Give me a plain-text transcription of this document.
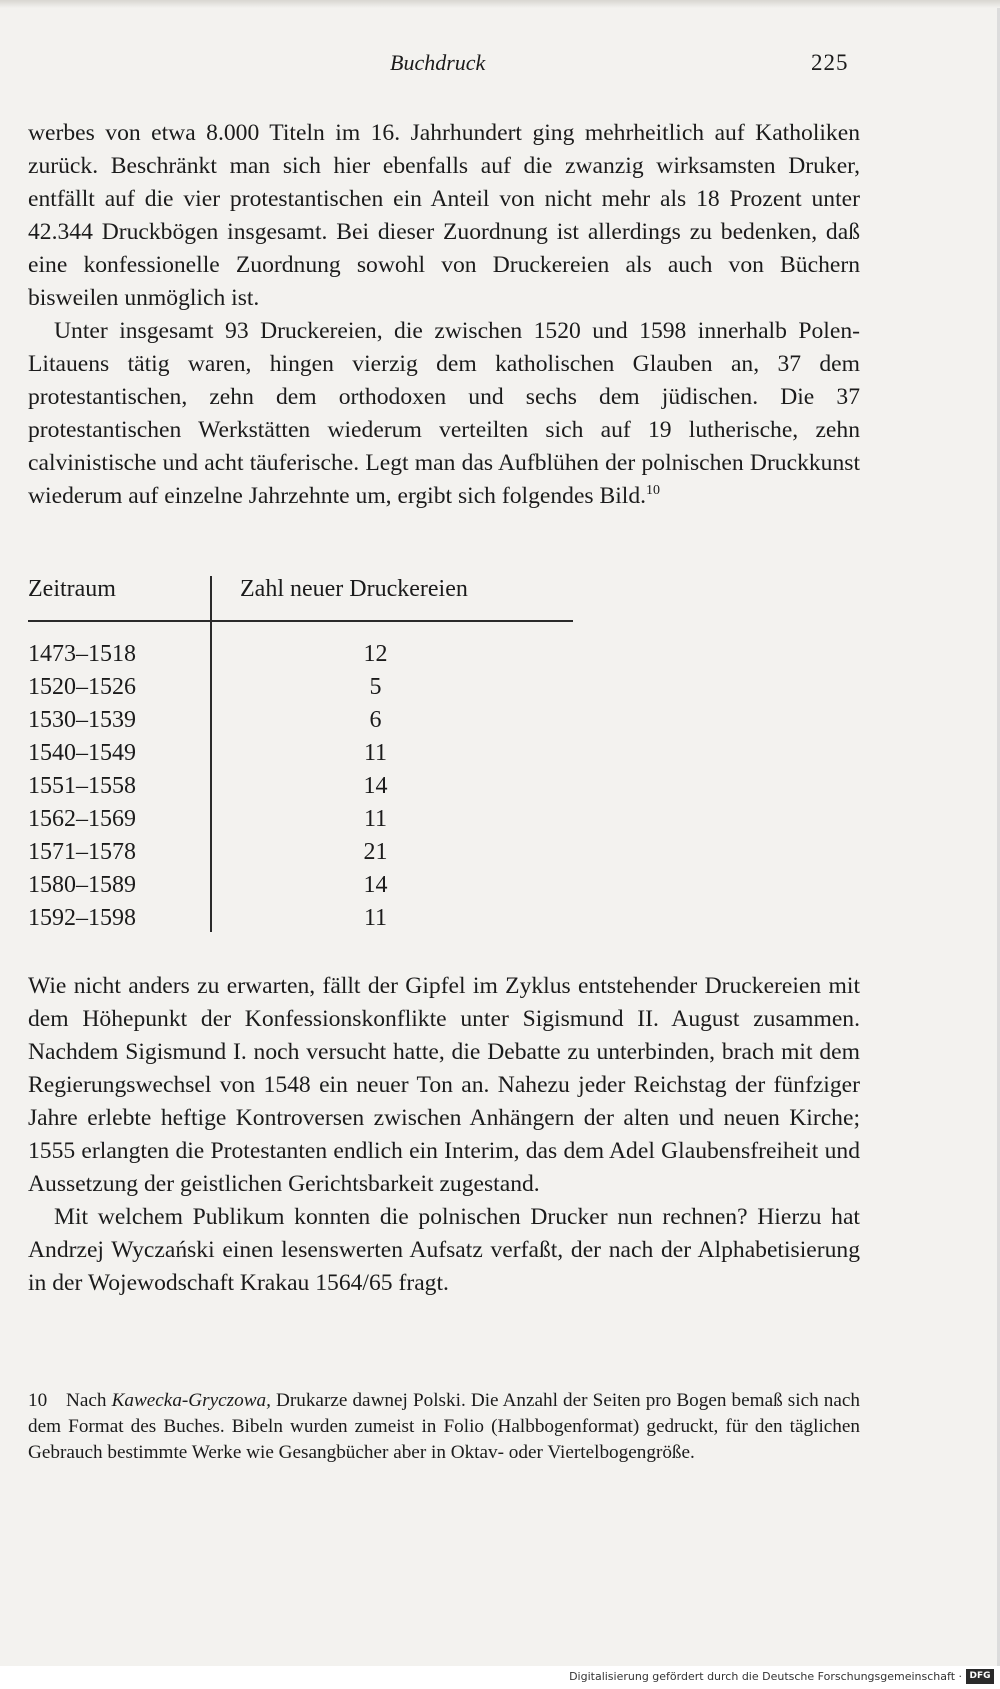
Buchdruck	225

werbes von etwa 8.000 Titeln im 16. Jahrhundert ging mehrheitlich auf Katholiken zurück. Beschränkt man sich hier ebenfalls auf die zwanzig wirksamsten Druker, entfällt auf die vier protestantischen ein Anteil von nicht mehr als 18 Prozent unter 42.344 Druckbögen insgesamt. Bei dieser Zuordnung ist allerdings zu bedenken, daß eine konfessionelle Zuordnung sowohl von Druckereien als auch von Büchern bisweilen unmöglich ist.

Unter insgesamt 93 Druckereien, die zwischen 1520 und 1598 innerhalb Polen-Litauens tätig waren, hingen vierzig dem katholischen Glauben an, 37 dem protestantischen, zehn dem orthodoxen und sechs dem jüdischen. Die 37 protestantischen Werkstätten wiederum verteilten sich auf 19 lutherische, zehn calvinistische und acht täuferische. Legt man das Aufblühen der polnischen Druckkunst wiederum auf einzelne Jahrzehnte um, ergibt sich folgendes Bild.$^{10}$

Zeitraum	Zahl neuer Druckereien
1473–1518	12
1520–1526	5
1530–1539	6
1540–1549	11
1551–1558	14
1562–1569	11
1571–1578	21
1580–1589	14
1592–1598	11

Wie nicht anders zu erwarten, fällt der Gipfel im Zyklus entstehender Druckereien mit dem Höhepunkt der Konfessionskonflikte unter Sigismund II. August zusammen. Nachdem Sigismund I. noch versucht hatte, die Debatte zu unterbinden, brach mit dem Regierungswechsel von 1548 ein neuer Ton an. Nahezu jeder Reichstag der fünfziger Jahre erlebte heftige Kontroversen zwischen Anhängern der alten und neuen Kirche; 1555 erlangten die Protestanten endlich ein Interim, das dem Adel Glaubensfreiheit und Aussetzung der geistlichen Gerichtsbarkeit zugestand.

Mit welchem Publikum konnten die polnischen Drucker nun rechnen? Hierzu hat Andrzej Wyczański einen lesenswerten Aufsatz verfaßt, der nach der Alphabetisierung in der Wojewodschaft Krakau 1564/65 fragt.

10 Nach Kawecka-Gryczowa, Drukarze dawnej Polski. Die Anzahl der Seiten pro Bogen bemaß sich nach dem Format des Buches. Bibeln wurden zumeist in Folio (Halbbogenformat) gedruckt, für den täglichen Gebrauch bestimmte Werke wie Gesangbücher aber in Oktav- oder Viertelbogengröße.

Digitalisierung gefördert durch die Deutsche Forschungsgemeinschaft · DFG
